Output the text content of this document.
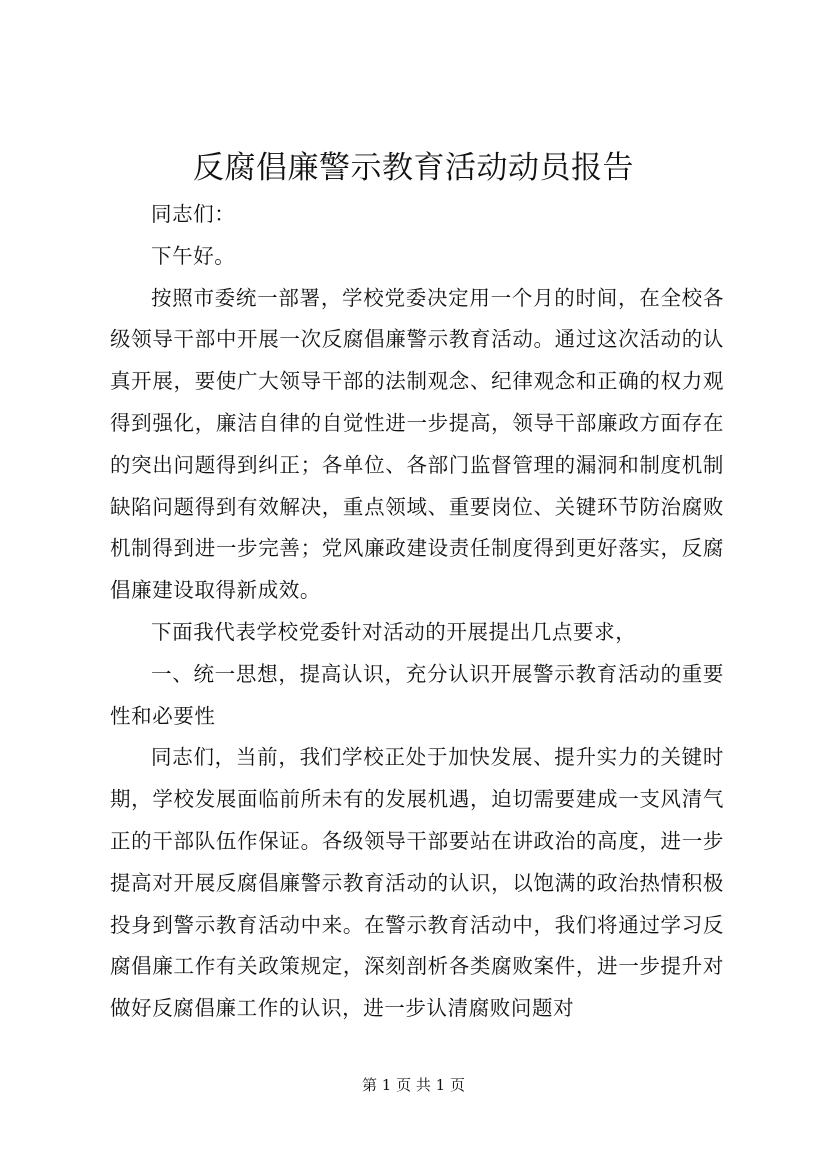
反腐倡廉警示教育活动动员报告

同志们：

下午好。

按照市委统一部署，学校党委决定用一个月的时间，在全校各级领导干部中开展一次反腐倡廉警示教育活动。通过这次活动的认真开展，要使广大领导干部的法制观念、纪律观念和正确的权力观得到强化，廉洁自律的自觉性进一步提高，领导干部廉政方面存在的突出问题得到纠正；各单位、各部门监督管理的漏洞和制度机制缺陷问题得到有效解决，重点领域、重要岗位、关键环节防治腐败机制得到进一步完善；党风廉政建设责任制度得到更好落实，反腐倡廉建设取得新成效。

下面我代表学校党委针对活动的开展提出几点要求，

一、统一思想，提高认识，充分认识开展警示教育活动的重要性和必要性

同志们，当前，我们学校正处于加快发展、提升实力的关键时期，学校发展面临前所未有的发展机遇，迫切需要建成一支风清气正的干部队伍作保证。各级领导干部要站在讲政治的高度，进一步提高对开展反腐倡廉警示教育活动的认识，以饱满的政治热情积极投身到警示教育活动中来。在警示教育活动中，我们将通过学习反腐倡廉工作有关政策规定，深刻剖析各类腐败案件，进一步提升对做好反腐倡廉工作的认识，进一步认清腐败问题对

第 1 页 共 1 页
